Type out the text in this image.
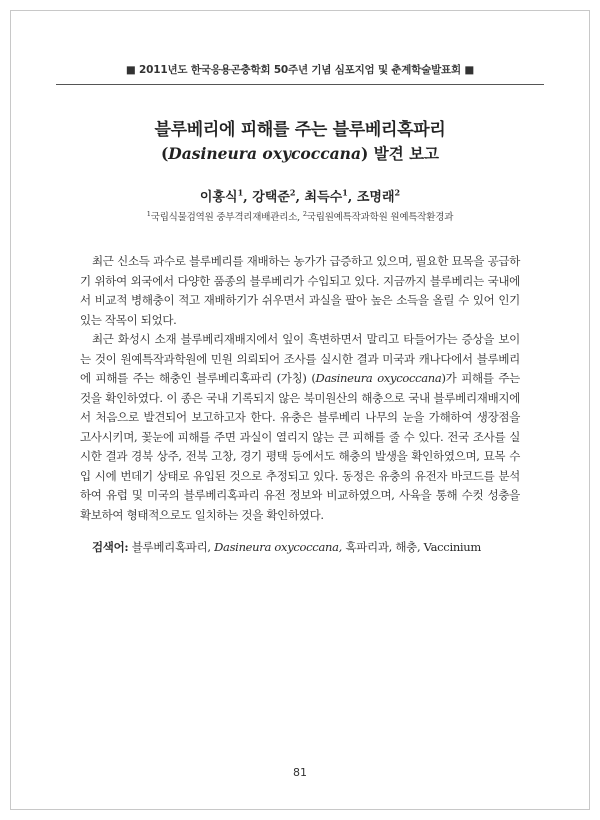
■ 2011년도 한국응용곤충학회 50주년 기념 심포지엄 및 춘계학술발표회 ■
블루베리에 피해를 주는 블루베리혹파리
(Dasineura oxycoccana) 발견 보고
이홍식$^1$, 강택준$^2$, 최득수$^1$, 조명래$^2$
$^1$국립식물검역원 중부격리재배관리소, $^2$국립원예특작과학원 원예특작환경과

최근 신소득 과수로 블루베리를 재배하는 농가가 급증하고 있으며, 필요한 묘목을 공급하기 위하여 외국에서 다양한 품종의 블루베리가 수입되고 있다. 지금까지 블루베리는 국내에서 비교적 병해충이 적고 재배하기가 쉬우면서 과실을 팔아 높은 소득을 올릴 수 있어 인기있는 작목이 되었다.

최근 화성시 소재 블루베리재배지에서 잎이 흑변하면서 말리고 타들어가는 증상을 보이는 것이 원예특작과학원에 민원 의뢰되어 조사를 실시한 결과 미국과 캐나다에서 블루베리에 피해를 주는 해충인 블루베리혹파리 (가칭) (Dasineura oxycoccana)가 피해를 주는 것을 확인하였다. 이 종은 국내 기록되지 않은 북미원산의 해충으로 국내 블루베리재배지에서 처음으로 발견되어 보고하고자 한다. 유충은 블루베리 나무의 눈을 가해하여 생장점을 고사시키며, 꽃눈에 피해를 주면 과실이 열리지 않는 큰 피해를 줄 수 있다. 전국 조사를 실시한 결과 경북 상주, 전북 고창, 경기 평택 등에서도 해충의 발생을 확인하였으며, 묘목 수입 시에 번데기 상태로 유입된 것으로 추정되고 있다. 동정은 유충의 유전자 바코드를 분석하여 유럽 및 미국의 블루베리혹파리 유전 정보와 비교하였으며, 사육을 통해 수컷 성충을 확보하여 형태적으로도 일치하는 것을 확인하였다.

검색어: 블루베리혹파리, Dasineura oxycoccana, 혹파리과, 해충, Vaccinium
81
